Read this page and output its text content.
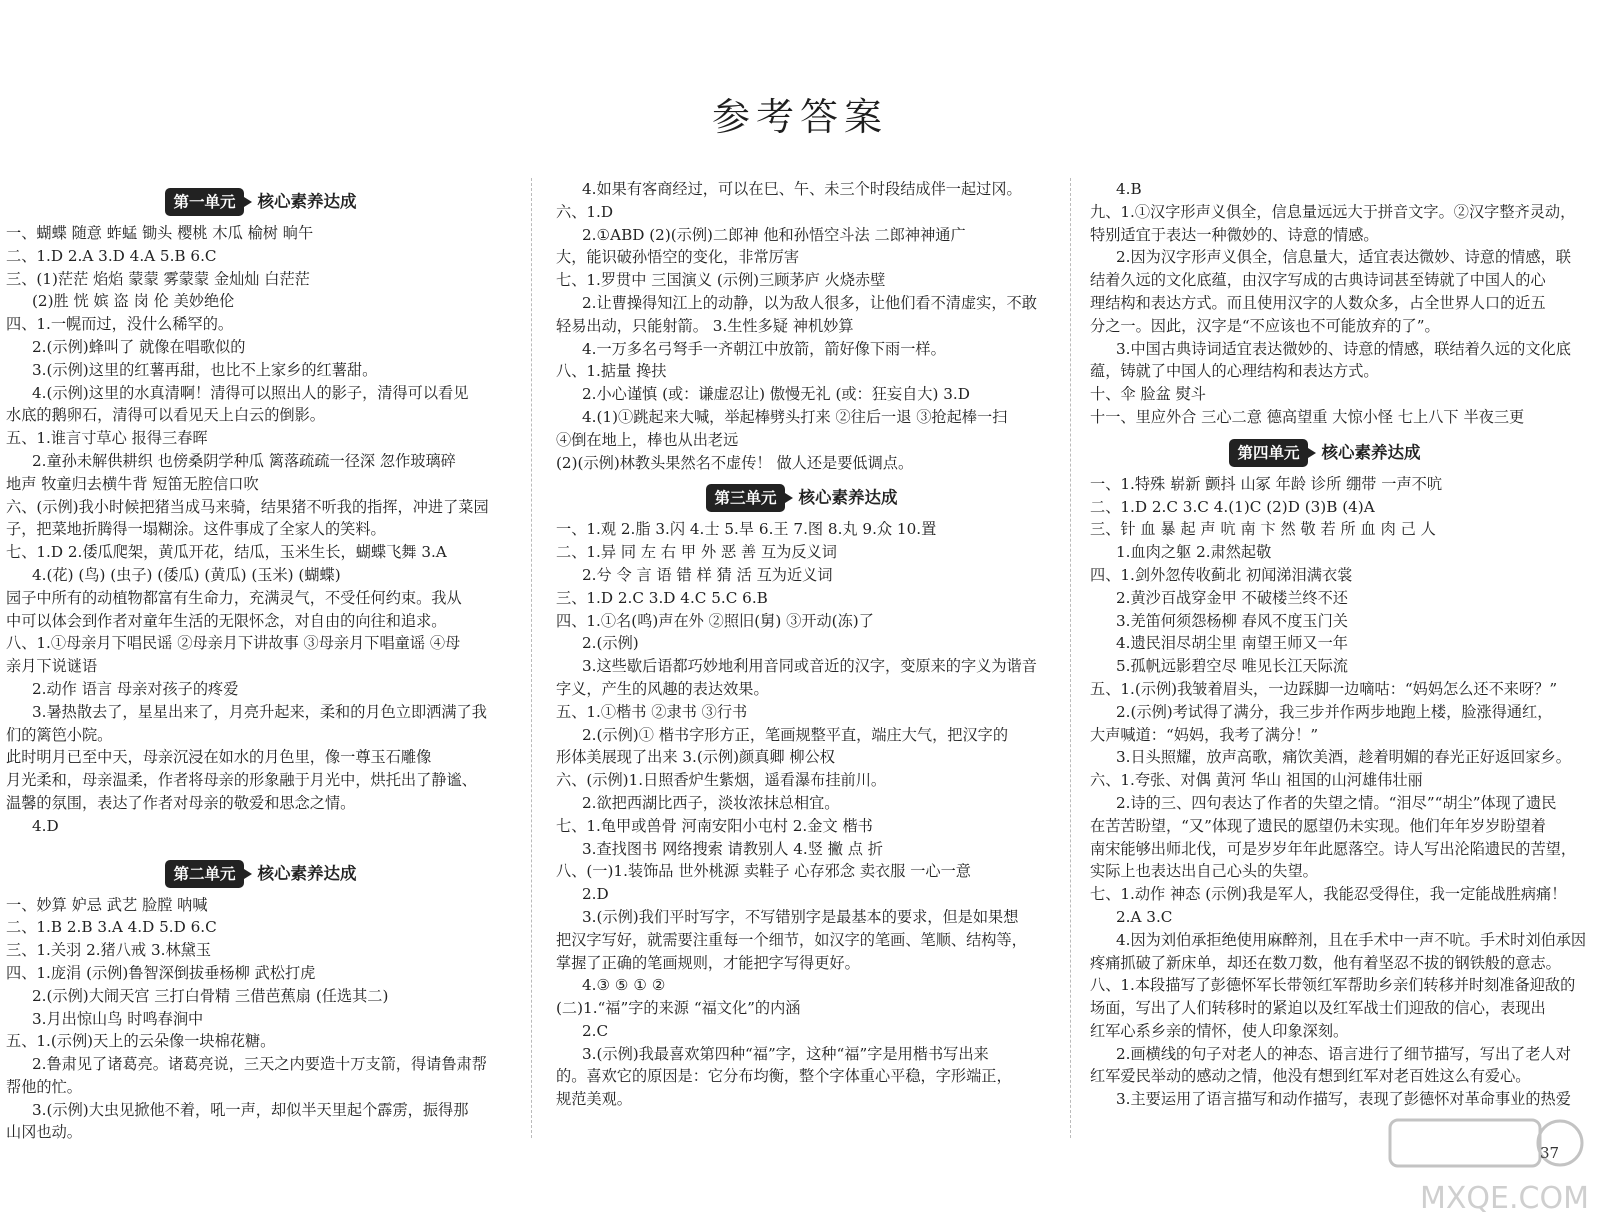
参考答案
第一单元 核心素养达成
一、蝴蝶 随意 蚱蜢 锄头 樱桃 木瓜 榆树 晌午
二、1.D 2.A 3.D 4.A 5.B 6.C
三、(1)茫茫 焰焰 蒙蒙 雾蒙蒙 金灿灿 白茫茫
(2)胜 恍 嫔 盗 岗 伦 美妙绝伦
四、1.一幌而过，没什么稀罕的。
2.(示例)蜂叫了 就像在唱歌似的
3.(示例)这里的红薯再甜，也比不上家乡的红薯甜。
4.(示例)这里的水真清啊！清得可以照出人的影子，清得可以看见
水底的鹅卵石，清得可以看见天上白云的倒影。
五、1.谁言寸草心 报得三春晖
2.童孙未解供耕织 也傍桑阴学种瓜 篱落疏疏一径深 忽作玻璃碎
地声 牧童归去横牛背 短笛无腔信口吹
六、(示例)我小时候把猪当成马来骑，结果猪不听我的指挥，冲进了菜园
子，把菜地折腾得一塌糊涂。这件事成了全家人的笑料。
七、1.D 2.倭瓜爬架，黄瓜开花，结瓜，玉米生长，蝴蝶飞舞 3.A
4.(花) (鸟) (虫子) (倭瓜) (黄瓜) (玉米) (蝴蝶)
园子中所有的动植物都富有生命力，充满灵气，不受任何约束。我从
中可以体会到作者对童年生活的无限怀念，对自由的向往和追求。
八、1.①母亲月下唱民谣 ②母亲月下讲故事 ③母亲月下唱童谣 ④母
亲月下说谜语
2.动作 语言 母亲对孩子的疼爱
3.暑热散去了，星星出来了，月亮升起来，柔和的月色立即洒满了我
们的篱笆小院。
此时明月已至中天，母亲沉浸在如水的月色里，像一尊玉石雕像
月光柔和，母亲温柔，作者将母亲的形象融于月光中，烘托出了静谧、
温馨的氛围，表达了作者对母亲的敬爱和思念之情。
4.D
第二单元 核心素养达成
一、妙算 妒忌 武艺 脸膛 呐喊
二、1.B 2.B 3.A 4.D 5.D 6.C
三、1.关羽 2.猪八戒 3.林黛玉
四、1.庞涓 (示例)鲁智深倒拔垂杨柳 武松打虎
2.(示例)大闹天宫 三打白骨精 三借芭蕉扇 (任选其二)
3.月出惊山鸟 时鸣春涧中
五、1.(示例)天上的云朵像一块棉花糖。
2.鲁肃见了诸葛亮。诸葛亮说，三天之内要造十万支箭，得请鲁肃帮
帮他的忙。
3.(示例)大虫见掀他不着，吼一声，却似半天里起个霹雳，振得那
山冈也动。
4.如果有客商经过，可以在巳、午、未三个时段结成伴一起过冈。
六、1.D
2.①ABD (2)(示例)二郎神 他和孙悟空斗法 二郎神神通广
大，能识破孙悟空的变化，非常厉害
七、1.罗贯中 三国演义 (示例)三顾茅庐 火烧赤壁
2.让曹操得知江上的动静，以为敌人很多，让他们看不清虚实，不敢
轻易出动，只能射箭。 3.生性多疑 神机妙算
4.一万多名弓弩手一齐朝江中放箭，箭好像下雨一样。
八、1.掂量 搀扶
2.小心谨慎 (或：谦虚忍让) 傲慢无礼 (或：狂妄自大) 3.D
4.(1)①跳起来大喊，举起棒劈头打来 ②往后一退 ③抢起棒一扫
④倒在地上，棒也从出老远
(2)(示例)林教头果然名不虚传！ 做人还是要低调点。
第三单元 核心素养达成
一、1.观 2.脂 3.闪 4.士 5.旱 6.王 7.图 8.丸 9.众 10.置
二、1.异 同 左 右 甲 外 恶 善 互为反义词
2.兮 令 言 语 错 样 猜 活 互为近义词
三、1.D 2.C 3.D 4.C 5.C 6.B
四、1.①名(鸣)声在外 ②照旧(舅) ③开动(冻)了
2.(示例)
3.这些歇后语都巧妙地利用音同或音近的汉字，变原来的字义为谐音
字义，产生的风趣的表达效果。
五、1.①楷书 ②隶书 ③行书
2.(示例)① 楷书字形方正，笔画规整平直，端庄大气，把汉字的
形体美展现了出来 3.(示例)颜真卿 柳公权
六、(示例)1.日照香炉生紫烟，遥看瀑布挂前川。
2.欲把西湖比西子，淡妆浓抹总相宜。
七、1.龟甲或兽骨 河南安阳小屯村 2.金文 楷书
3.查找图书 网络搜索 请教别人 4.竖 撇 点 折
八、(一)1.装饰品 世外桃源 卖鞋子 心存邪念 卖衣服 一心一意
2.D
3.(示例)我们平时写字，不写错别字是最基本的要求，但是如果想
把汉字写好，就需要注重每一个细节，如汉字的笔画、笔顺、结构等，
掌握了正确的笔画规则，才能把字写得更好。
4.③ ⑤ ① ②
(二)1.“福”字的来源 “福文化”的内涵
2.C
3.(示例)我最喜欢第四种“福”字，这种“福”字是用楷书写出来
的。喜欢它的原因是：它分布均衡，整个字体重心平稳，字形端正，
规范美观。
4.B
九、1.①汉字形声义俱全，信息量远远大于拼音文字。②汉字整齐灵动，
特别适宜于表达一种微妙的、诗意的情感。
2.因为汉字形声义俱全，信息量大，适宜表达微妙、诗意的情感，联
结着久远的文化底蕴，由汉字写成的古典诗词甚至铸就了中国人的心
理结构和表达方式。而且使用汉字的人数众多，占全世界人口的近五
分之一。因此，汉字是“不应该也不可能放弃的了”。
3.中国古典诗词适宜表达微妙的、诗意的情感，联结着久远的文化底
蕴，铸就了中国人的心理结构和表达方式。
十、伞 脸盆 熨斗
十一、里应外合 三心二意 德高望重 大惊小怪 七上八下 半夜三更
第四单元 核心素养达成
一、1.特殊 崭新 颤抖 山冢 年龄 诊所 绷带 一声不吭
二、1.D 2.C 3.C 4.(1)C (2)D (3)B (4)A
三、针 血 暴 起 声 吭 南 卞 然 敬 若 所 血 肉 己 人
1.血肉之躯 2.肃然起敬
四、1.剑外忽传收蓟北 初闻涕泪满衣裳
2.黄沙百战穿金甲 不破楼兰终不还
3.羌笛何须怨杨柳 春风不度玉门关
4.遗民泪尽胡尘里 南望王师又一年
5.孤帆远影碧空尽 唯见长江天际流
五、1.(示例)我皱着眉头，一边踩脚一边嘀咕：“妈妈怎么还不来呀？”
2.(示例)考试得了满分，我三步并作两步地跑上楼，脸涨得通红，
大声喊道：“妈妈，我考了满分！”
3.日头照耀，放声高歌，痛饮美酒，趁着明媚的春光正好返回家乡。
六、1.夸张、对偶 黄河 华山 祖国的山河雄伟壮丽
2.诗的三、四句表达了作者的失望之情。“泪尽”“胡尘”体现了遗民
在苦苦盼望，“又”体现了遗民的愿望仍未实现。他们年年岁岁盼望着
南宋能够出师北伐，可是岁岁年年此愿落空。诗人写出沦陷遗民的苦望，
实际上也表达出自己心头的失望。
七、1.动作 神态 (示例)我是军人，我能忍受得住，我一定能战胜病痛！
2.A 3.C
4.因为刘伯承拒绝使用麻醉剂，且在手术中一声不吭。手术时刘伯承因
疼痛抓破了新床单，却还在数刀数，他有着坚忍不拔的钢铁般的意志。
八、1.本段描写了彭德怀军长带领红军帮助乡亲们转移并时刻准备迎敌的
场面，写出了人们转移时的紧迫以及红军战士们迎敌的信心，表现出
红军心系乡亲的情怀，使人印象深刻。
2.画横线的句子对老人的神态、语言进行了细节描写，写出了老人对
红军爱民举动的感动之情，他没有想到红军对老百姓这么有爱心。
3.主要运用了语言描写和动作描写，表现了彭德怀对革命事业的热爱
37
MXQE.COM
